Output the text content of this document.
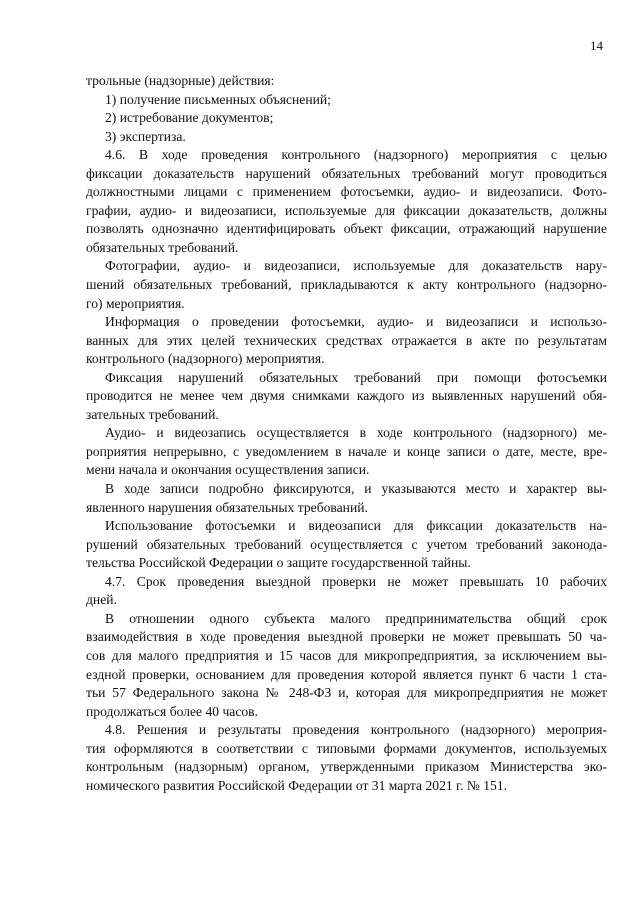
14

трольные (надзорные) действия:

1) получение письменных объяснений;

2) истребование документов;

3) экспертиза.

4.6. В ходе проведения контрольного (надзорного) мероприятия с целью

фиксации доказательств нарушений обязательных требований могут проводиться

должностными лицами с применением фотосъемки, аудио- и видеозаписи. Фото-

графии, аудио- и видеозаписи, используемые для фиксации доказательств, должны

позволять однозначно идентифицировать объект фиксации, отражающий нарушение

обязательных требований.

Фотографии, аудио- и видеозаписи, используемые для доказательств нару-

шений обязательных требований, прикладываются к акту контрольного (надзорно-

го) мероприятия.

Информация о проведении фотосъемки, аудио- и видеозаписи и использо-

ванных для этих целей технических средствах отражается в акте по результатам

контрольного (надзорного) мероприятия.

Фиксация нарушений обязательных требований при помощи фотосъемки

проводится не менее чем двумя снимками каждого из выявленных нарушений обя-

зательных требований.

Аудио- и видеозапись осуществляется в ходе контрольного (надзорного) ме-

роприятия непрерывно, с уведомлением в начале и конце записи о дате, месте, вре-

мени начала и окончания осуществления записи.

В ходе записи подробно фиксируются, и указываются место и характер вы-

явленного нарушения обязательных требований.

Использование фотосъемки и видеозаписи для фиксации доказательств на-

рушений обязательных требований осуществляется с учетом требований законода-

тельства Российской Федерации о защите государственной тайны.

4.7. Срок проведения выездной проверки не может превышать 10 рабочих

дней.

В отношении одного субъекта малого предпринимательства общий срок

взаимодействия в ходе проведения выездной проверки не может превышать 50 ча-

сов для малого предприятия и 15 часов для микропредприятия, за исключением вы-

ездной проверки, основанием для проведения которой является пункт 6 части 1 ста-

тьи 57 Федерального закона № 248-ФЗ и, которая для микропредприятия не может

продолжаться более 40 часов.

4.8. Решения и результаты проведения контрольного (надзорного) мероприя-

тия оформляются в соответствии с типовыми формами документов, используемых

контрольным (надзорным) органом, утвержденными приказом Министерства эко-

номического развития Российской Федерации от 31 марта 2021 г. № 151.
